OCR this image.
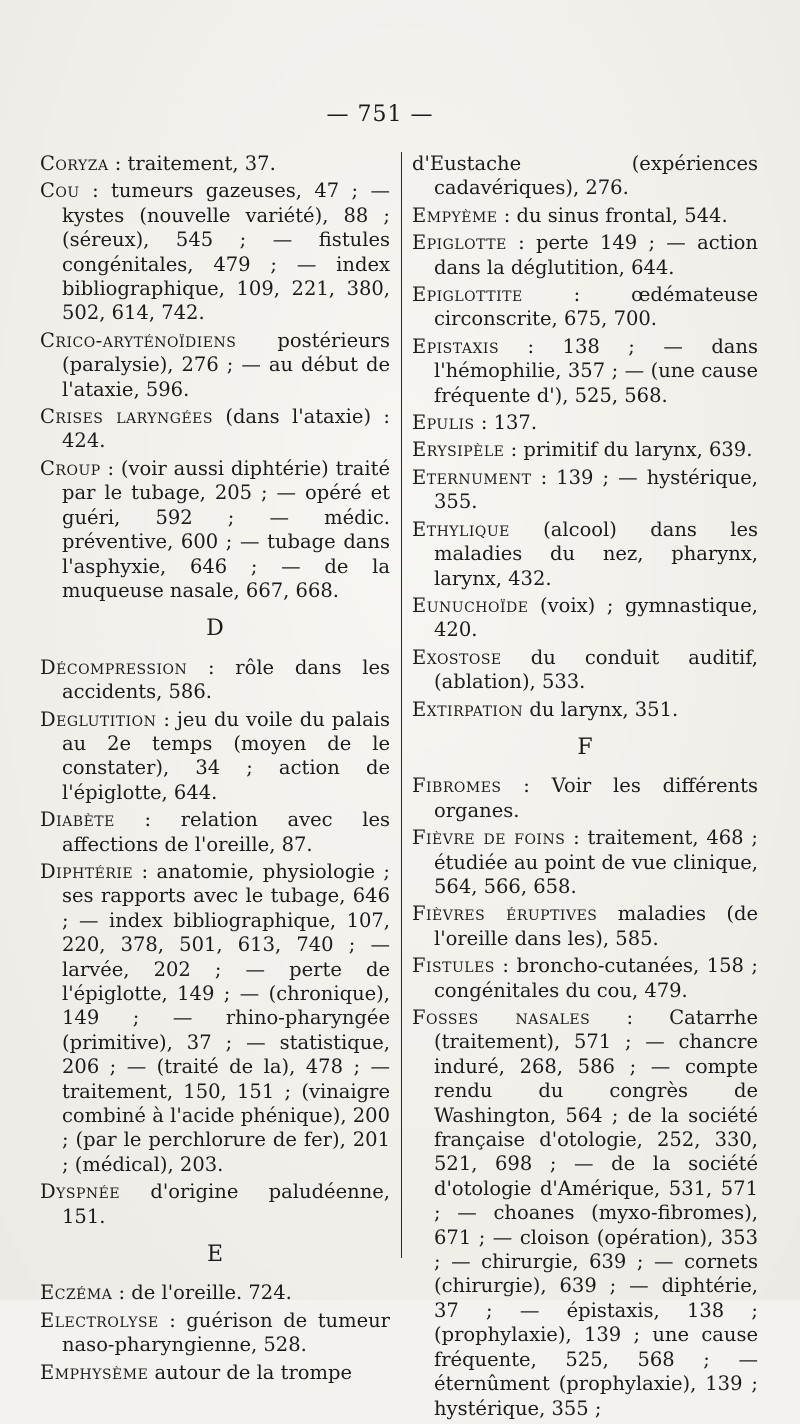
— 751 —
Coryza : traitement, 37.
Cou : tumeurs gazeuses, 47 ; — kystes (nouvelle variété), 88 ; (séreux), 545 ; — fistules congénitales, 479 ; — index bibliographique, 109, 221, 380, 502, 614, 742.
Crico-aryténoïdiens postérieurs (paralysie), 276 ; — au début de l'ataxie, 596.
Crises laryngées (dans l'ataxie) : 424.
Croup : (voir aussi diphtérie) traité par le tubage, 205 ; — opéré et guéri, 592 ; — médic. préventive, 600 ; — tubage dans l'asphyxie, 646 ; — de la muqueuse nasale, 667, 668.
D
Décompression : rôle dans les accidents, 586.
Deglutition : jeu du voile du palais au 2e temps (moyen de le constater), 34 ; action de l'épiglotte, 644.
Diabète : relation avec les affections de l'oreille, 87.
Diphtérie : anatomie, physiologie ; ses rapports avec le tubage, 646 ; — index bibliographique, 107, 220, 378, 501, 613, 740 ; — larvée, 202 ; — perte de l'épiglotte, 149 ; — (chronique), 149 ; — rhino-pharyngée (primitive), 37 ; — statistique, 206 ; — (traité de la), 478 ; — traitement, 150, 151 ; (vinaigre combiné à l'acide phénique), 200 ; (par le perchlorure de fer), 201 ; (médical), 203.
Dyspnée d'origine paludéenne, 151.
E
Eczéma : de l'oreille. 724.
Electrolyse : guérison de tumeur naso-pharyngienne, 528.
Emphysème autour de la trompe
d'Eustache (expériences cadavériques), 276.
Empyème : du sinus frontal, 544.
Epiglotte : perte 149 ; — action dans la déglutition, 644.
Epiglottite : œdémateuse circonscrite, 675, 700.
Epistaxis : 138 ; — dans l'hémophilie, 357 ; — (une cause fréquente d'), 525, 568.
Epulis : 137.
Erysipèle : primitif du larynx, 639.
Eternument : 139 ; — hystérique, 355.
Ethylique (alcool) dans les maladies du nez, pharynx, larynx, 432.
Eunuchoïde (voix) ; gymnastique, 420.
Exostose du conduit auditif, (ablation), 533.
Extirpation du larynx, 351.
F
Fibromes : Voir les différents organes.
Fièvre de foins : traitement, 468 ; étudiée au point de vue clinique, 564, 566, 658.
Fièvres éruptives maladies (de l'oreille dans les), 585.
Fistules : broncho-cutanées, 158 ; congénitales du cou, 479.
Fosses nasales : Catarrhe (traitement), 571 ; — chancre induré, 268, 586 ; — compte rendu du congrès de Washington, 564 ; de la société française d'otologie, 252, 330, 521, 698 ; — de la société d'otologie d'Amérique, 531, 571 ; — choanes (myxo-fibromes), 671 ; — cloison (opération), 353 ; — chirurgie, 639 ; — cornets (chirurgie), 639 ; — diphtérie, 37 ; — épistaxis, 138 ; (prophylaxie), 139 ; une cause fréquente, 525, 568 ; — éternûment (prophylaxie), 139 ; hystérique, 355 ;
